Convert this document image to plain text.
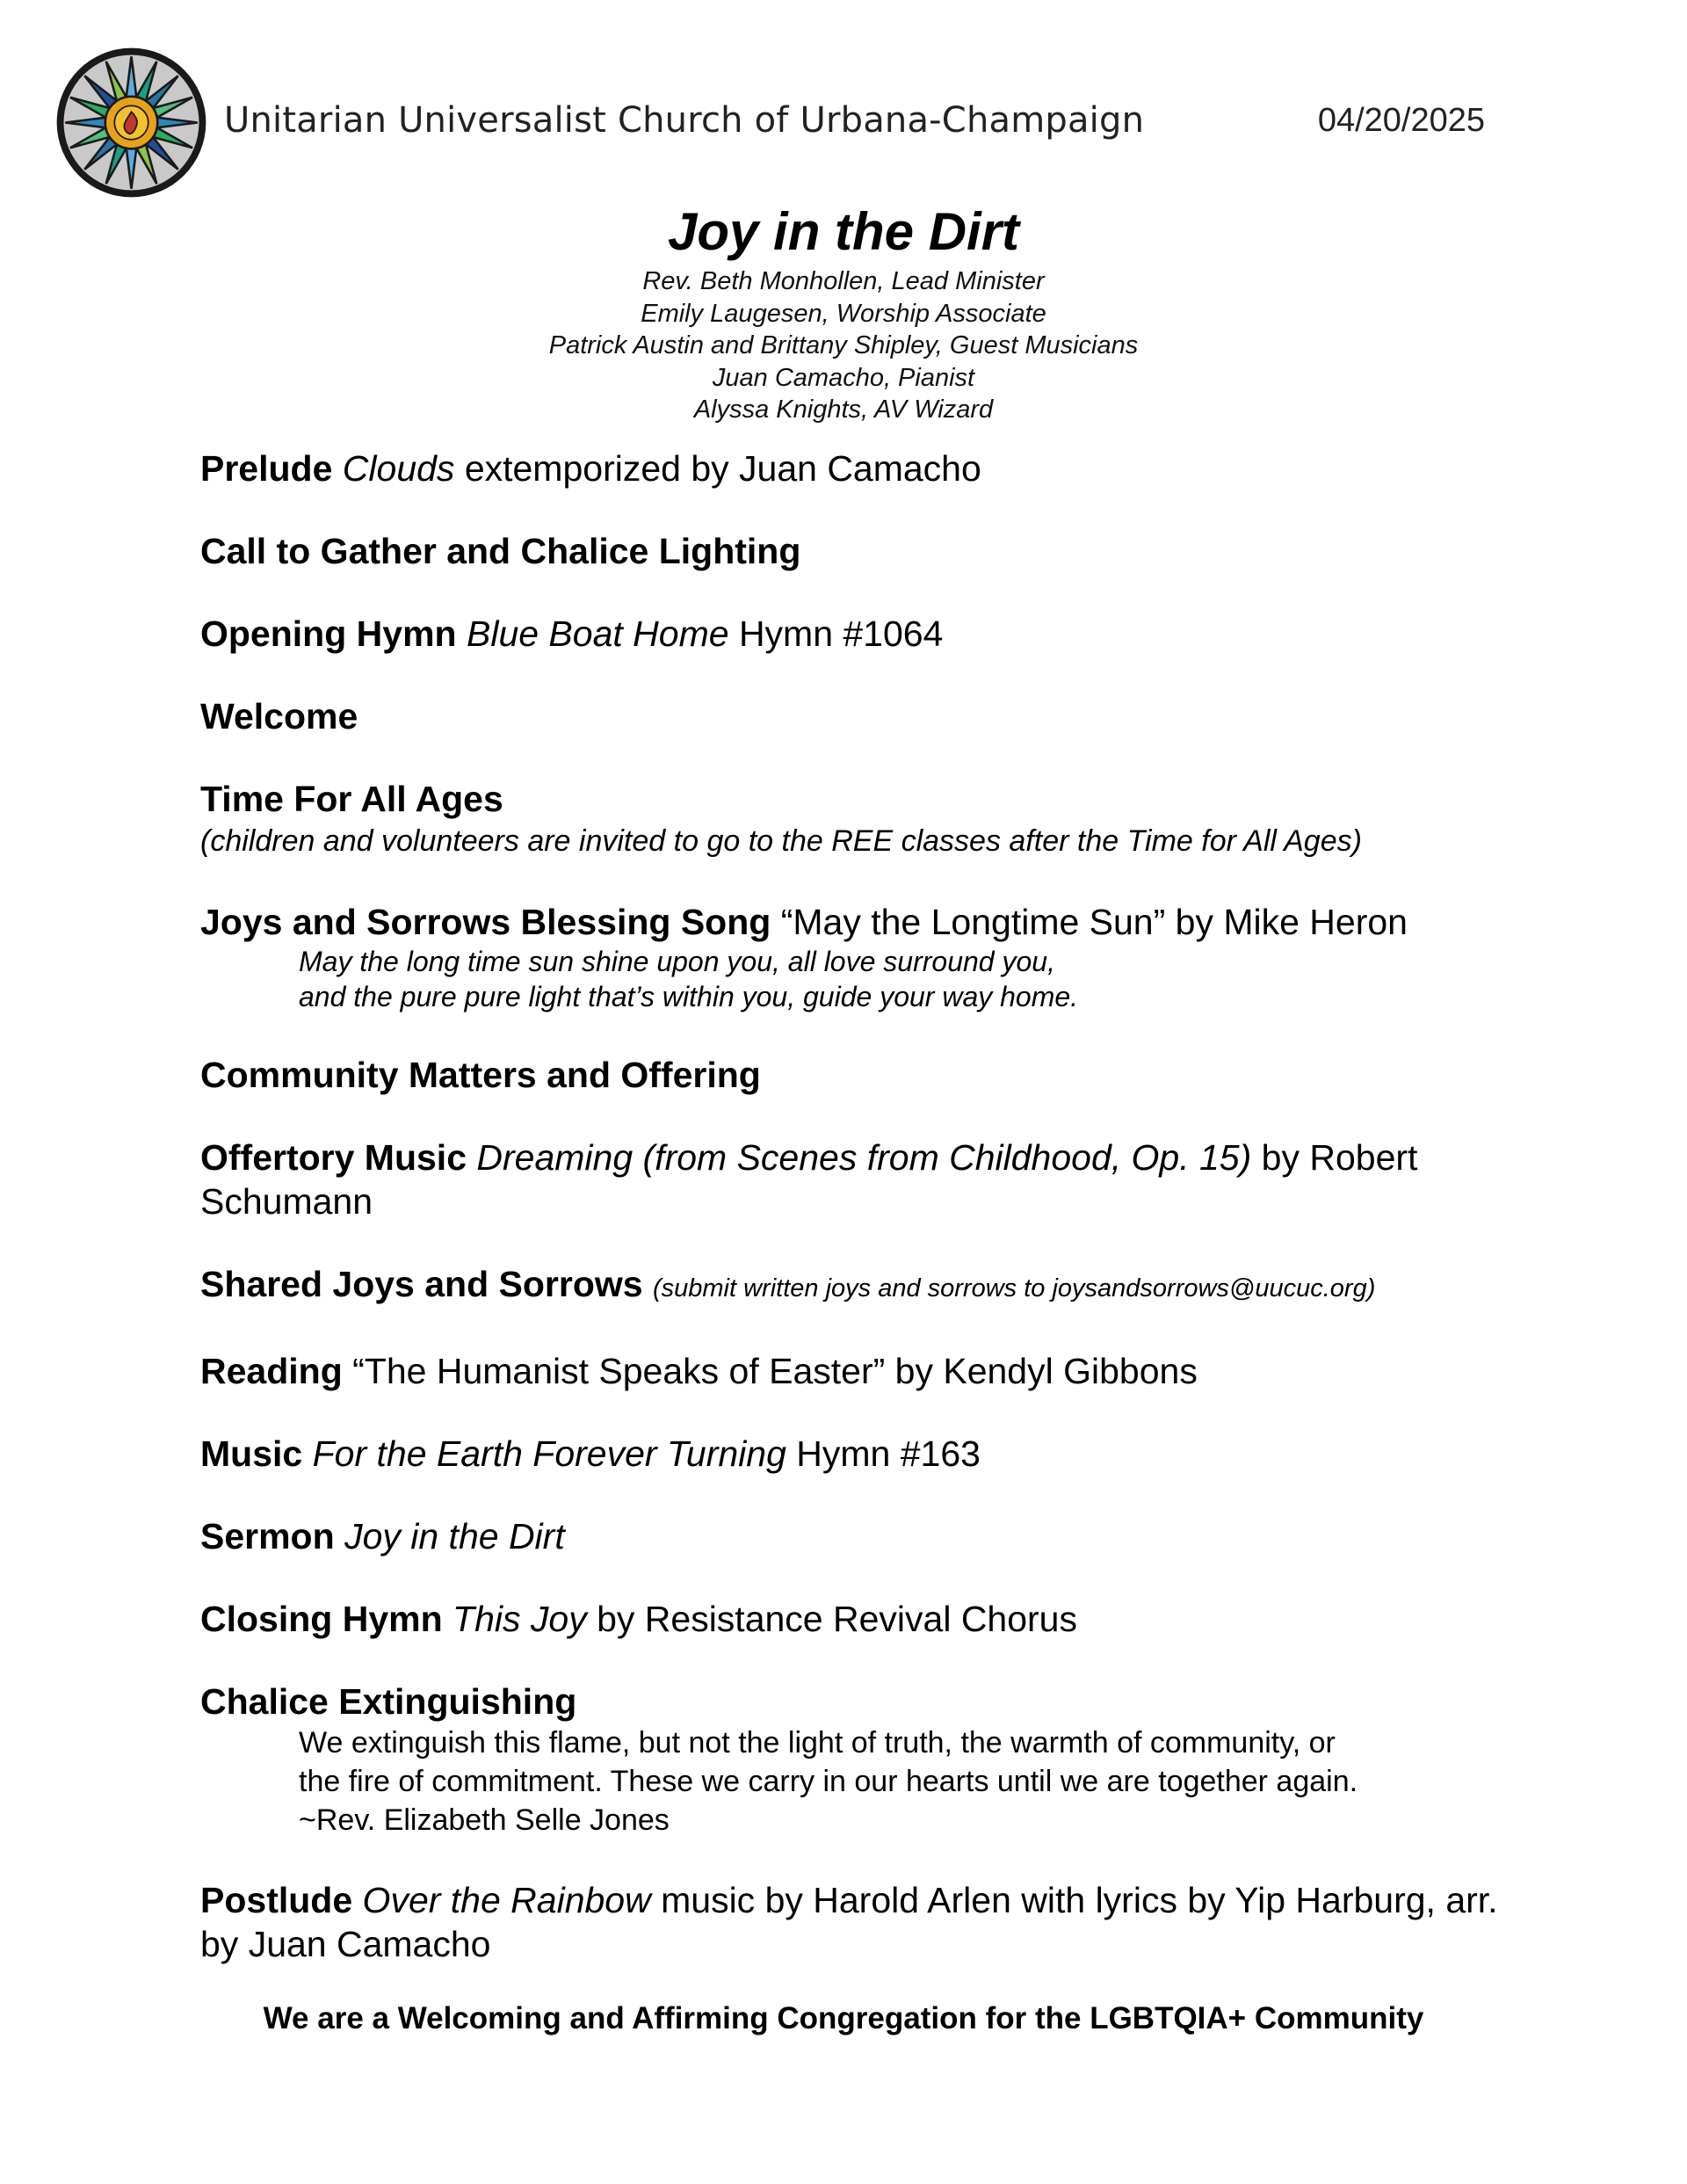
Unitarian Universalist Church of Urbana-Champaign	04/20/2025
Joy in the Dirt
Rev. Beth Monhollen, Lead Minister
Emily Laugesen, Worship Associate
Patrick Austin and Brittany Shipley, Guest Musicians
Juan Camacho, Pianist
Alyssa Knights, AV Wizard
Prelude Clouds extemporized by Juan Camacho
Call to Gather and Chalice Lighting
Opening Hymn Blue Boat Home Hymn #1064
Welcome
Time For All Ages
(children and volunteers are invited to go to the REE classes after the Time for All Ages)
Joys and Sorrows Blessing Song “May the Longtime Sun” by Mike Heron
May the long time sun shine upon you, all love surround you,
and the pure pure light that’s within you, guide your way home.
Community Matters and Offering
Offertory Music Dreaming (from Scenes from Childhood, Op. 15) by Robert Schumann
Shared Joys and Sorrows (submit written joys and sorrows to joysandsorrows@uucuc.org)
Reading “The Humanist Speaks of Easter” by Kendyl Gibbons
Music For the Earth Forever Turning Hymn #163
Sermon Joy in the Dirt
Closing Hymn This Joy by Resistance Revival Chorus
Chalice Extinguishing
We extinguish this flame, but not the light of truth, the warmth of community, or
the fire of commitment. These we carry in our hearts until we are together again.
~Rev. Elizabeth Selle Jones
Postlude Over the Rainbow music by Harold Arlen with lyrics by Yip Harburg, arr. by Juan Camacho
We are a Welcoming and Affirming Congregation for the LGBTQIA+ Community
